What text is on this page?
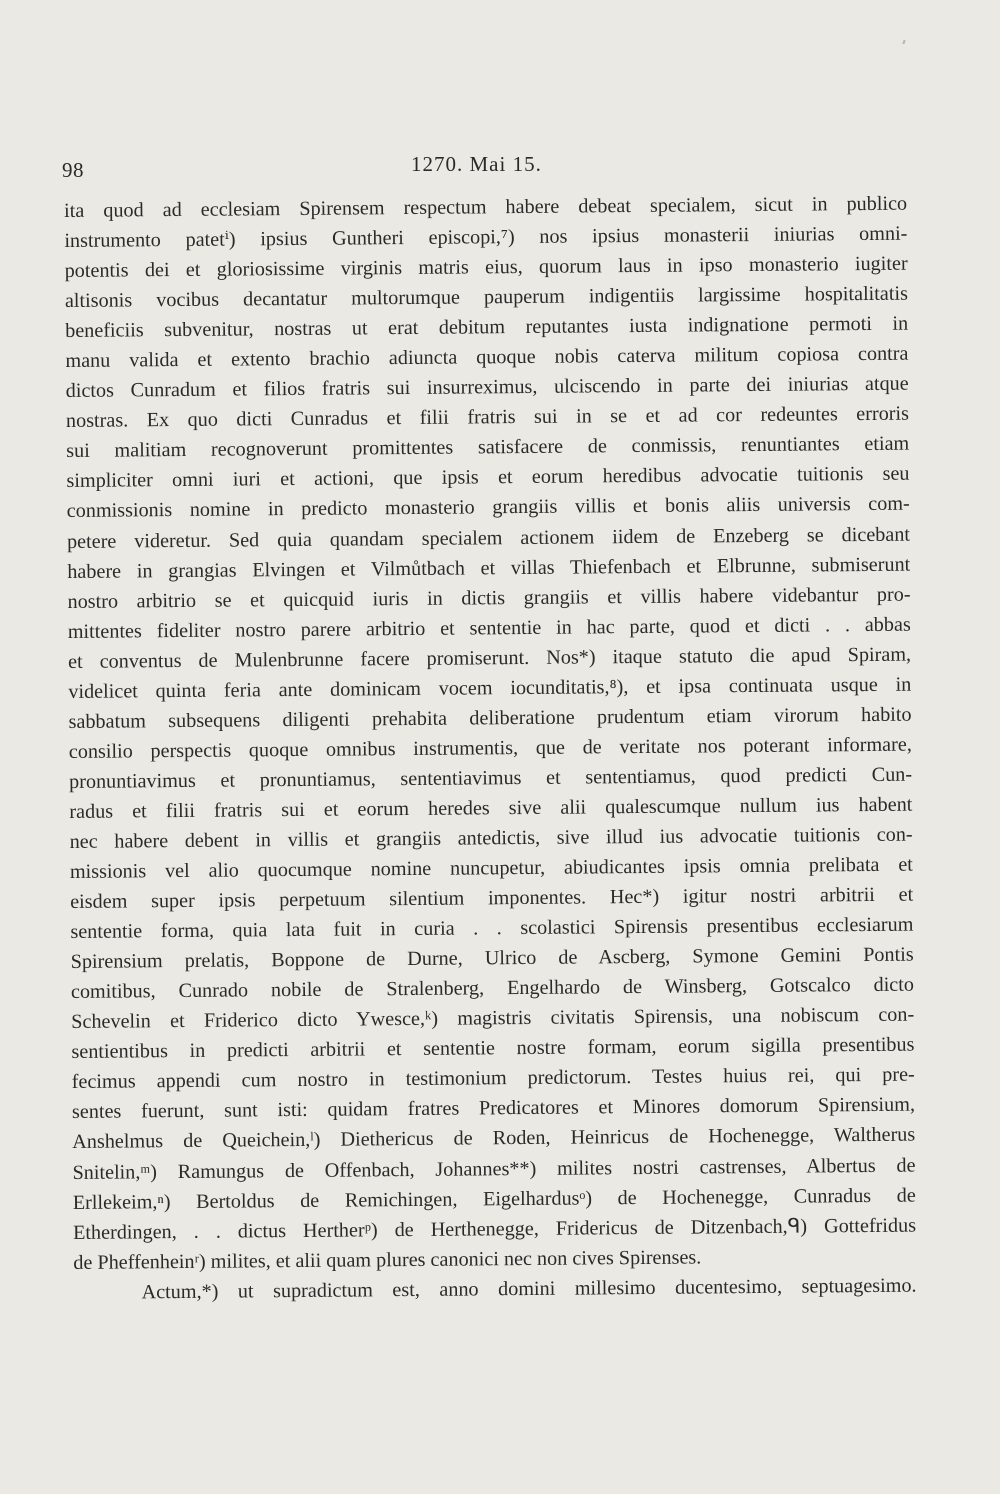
98	1270. Mai 15.
ita quod ad ecclesiam Spirensem respectum habere debeat specialem, sicut in publico
instrumento patetⁱ) ipsius Guntheri episcopi,⁷) nos ipsius monasterii iniurias omni-
potentis dei et gloriosissime virginis matris eius, quorum laus in ipso monasterio iugiter
altisonis vocibus decantatur multorumque pauperum indigentiis largissime hospitalitatis
beneficiis subvenitur, nostras ut erat debitum reputantes iusta indignatione permoti in
manu valida et extento brachio adiuncta quoque nobis caterva militum copiosa contra
dictos Cunradum et filios fratris sui insurreximus, ulciscendo in parte dei iniurias atque
nostras. Ex quo dicti Cunradus et filii fratris sui in se et ad cor redeuntes erroris
sui malitiam recognoverunt promittentes satisfacere de conmissis, renuntiantes etiam
simpliciter omni iuri et actioni, que ipsis et eorum heredibus advocatie tuitionis seu
conmissionis nomine in predicto monasterio grangiis villis et bonis aliis universis com-
petere videretur. Sed quia quandam specialem actionem iidem de Enzeberg se dicebant
habere in grangias Elvingen et Vilmůtbach et villas Thiefenbach et Elbrunne, submiserunt
nostro arbitrio se et quicquid iuris in dictis grangiis et villis habere videbantur pro-
mittentes fideliter nostro parere arbitrio et sententie in hac parte, quod et dicti . . abbas
et conventus de Mulenbrunne facere promiserunt. Nos*) itaque statuto die apud Spiram,
videlicet quinta feria ante dominicam vocem iocunditatis,⁸), et ipsa continuata usque in
sabbatum subsequens diligenti prehabita deliberatione prudentum etiam virorum habito
consilio perspectis quoque omnibus instrumentis, que de veritate nos poterant informare,
pronuntiavimus et pronuntiamus, sententiavimus et sententiamus, quod predicti Cun-
radus et filii fratris sui et eorum heredes sive alii qualescumque nullum ius habent
nec habere debent in villis et grangiis antedictis, sive illud ius advocatie tuitionis con-
missionis vel alio quocumque nomine nuncupetur, abiudicantes ipsis omnia prelibata et
eisdem super ipsis perpetuum silentium imponentes. Hec*) igitur nostri arbitrii et
sententie forma, quia lata fuit in curia . . scolastici Spirensis presentibus ecclesiarum
Spirensium prelatis, Boppone de Durne, Ulrico de Ascberg, Symone Gemini Pontis
comitibus, Cunrado nobile de Stralenberg, Engelhardo de Winsberg, Gotscalco dicto
Schevelin et Friderico dicto Ywesce,ᵏ) magistris civitatis Spirensis, una nobiscum con-
sentientibus in predicti arbitrii et sententie nostre formam, eorum sigilla presentibus
fecimus appendi cum nostro in testimonium predictorum. Testes huius rei, qui pre-
sentes fuerunt, sunt isti: quidam fratres Predicatores et Minores domorum Spirensium,
Anshelmus de Queichein,ˡ) Diethericus de Roden, Heinricus de Hochenegge, Waltherus
Snitelin,ᵐ) Ramungus de Offenbach, Johannes**) milites nostri castrenses, Albertus de
Erllekeim,ⁿ) Bertoldus de Remichingen, Eigelhardusᵒ) de Hochenegge, Cunradus de
Etherdingen, . . dictus Hertherᵖ) de Herthenegge, Fridericus de Ditzenbach,ᑫ) Gottefridus
de Pheffenheinʳ) milites, et alii quam plures canonici nec non cives Spirenses.
Actum,*) ut supradictum est, anno domini millesimo ducentesimo, septuagesimo.
